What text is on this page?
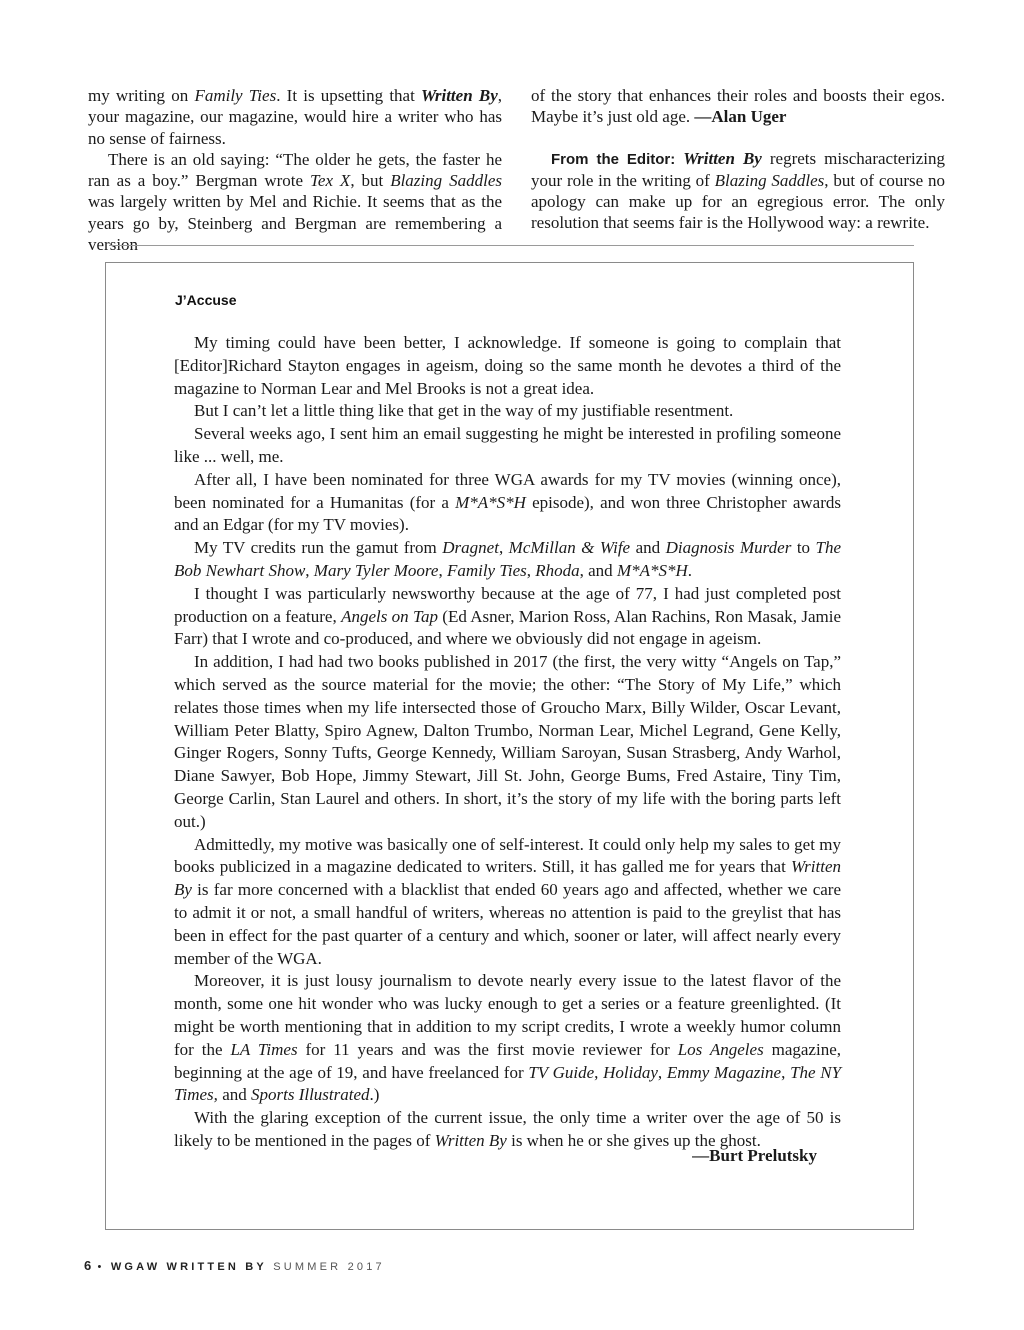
my writing on Family Ties. It is upsetting that Written By, your magazine, our magazine, would hire a writer who has no sense of fairness.

There is an old saying: “The older he gets, the faster he ran as a boy.” Bergman wrote Tex X, but Blazing Saddles was largely written by Mel and Richie. It seems that as the years go by, Steinberg and Bergman are remembering a version

of the story that enhances their roles and boosts their egos. Maybe it’s just old age. —Alan Uger

From the Editor: Written By regrets mischaracterizing your role in the writing of Blazing Saddles, but of course no apology can make up for an egregious error. The only resolution that seems fair is the Hollywood way: a rewrite.

J’Accuse

My timing could have been better, I acknowledge. If someone is going to complain that [Editor]Richard Stayton engages in ageism, doing so the same month he devotes a third of the magazine to Norman Lear and Mel Brooks is not a great idea.

But I can’t let a little thing like that get in the way of my justifiable resentment.

Several weeks ago, I sent him an email suggesting he might be interested in profiling someone like ... well, me.

After all, I have been nominated for three WGA awards for my TV movies (winning once), been nominated for a Humanitas (for a M*A*S*H episode), and won three Christopher awards and an Edgar (for my TV movies).

My TV credits run the gamut from Dragnet, McMillan & Wife and Diagnosis Murder to The Bob Newhart Show, Mary Tyler Moore, Family Ties, Rhoda, and M*A*S*H.

I thought I was particularly newsworthy because at the age of 77, I had just completed post production on a feature, Angels on Tap (Ed Asner, Marion Ross, Alan Rachins, Ron Masak, Jamie Farr) that I wrote and co-produced, and where we obviously did not engage in ageism.

In addition, I had had two books published in 2017 (the first, the very witty “Angels on Tap,” which served as the source material for the movie; the other: “The Story of My Life,” which relates those times when my life intersected those of Groucho Marx, Billy Wilder, Oscar Levant, William Peter Blatty, Spiro Agnew, Dalton Trumbo, Norman Lear, Michel Legrand, Gene Kelly, Ginger Rogers, Sonny Tufts, George Kennedy, William Saroyan, Susan Strasberg, Andy Warhol, Diane Sawyer, Bob Hope, Jimmy Stewart, Jill St. John, George Bums, Fred Astaire, Tiny Tim, George Carlin, Stan Laurel and others. In short, it’s the story of my life with the boring parts left out.)

Admittedly, my motive was basically one of self-interest. It could only help my sales to get my books publicized in a magazine dedicated to writers. Still, it has galled me for years that Written By is far more concerned with a blacklist that ended 60 years ago and affected, whether we care to admit it or not, a small handful of writers, whereas no attention is paid to the greylist that has been in effect for the past quarter of a century and which, sooner or later, will affect nearly every member of the WGA.

Moreover, it is just lousy journalism to devote nearly every issue to the latest flavor of the month, some one hit wonder who was lucky enough to get a series or a feature greenlighted. (It might be worth mentioning that in addition to my script credits, I wrote a weekly humor column for the LA Times for 11 years and was the first movie reviewer for Los Angeles magazine, beginning at the age of 19, and have freelanced for TV Guide, Holiday, Emmy Magazine, The NY Times, and Sports Illustrated.)

With the glaring exception of the current issue, the only time a writer over the age of 50 is likely to be mentioned in the pages of Written By is when he or she gives up the ghost.

—Burt Prelutsky
6 • WGAW WRITTEN BY SUMMER 2017
